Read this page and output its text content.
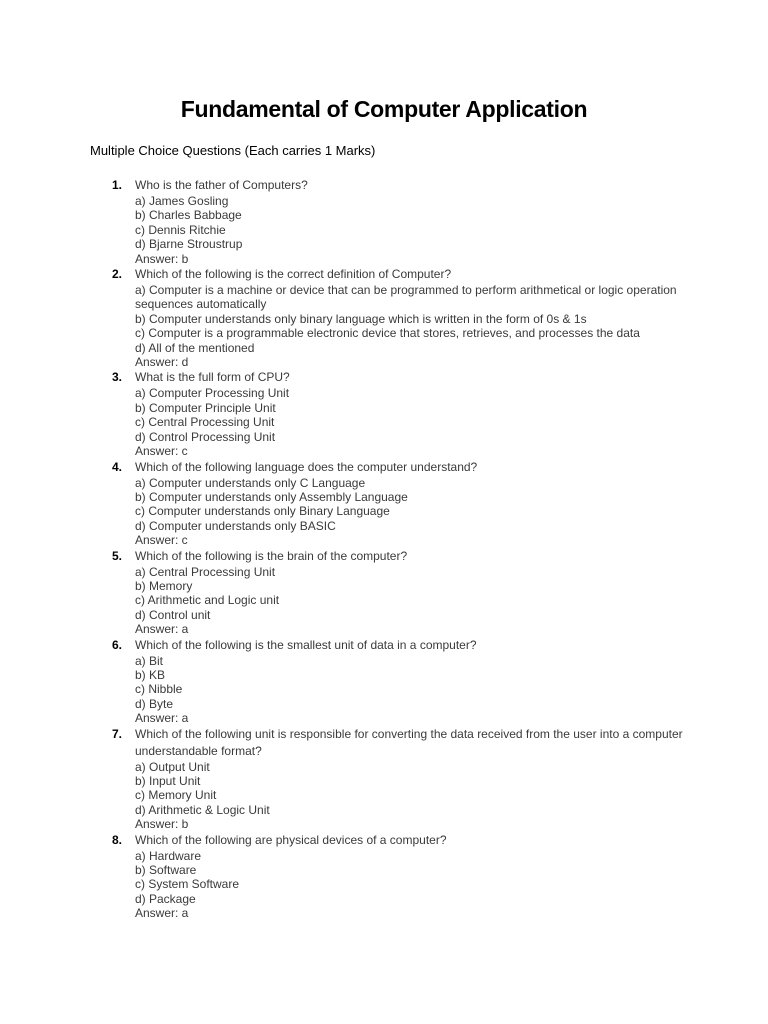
Fundamental of Computer Application

Multiple Choice Questions (Each carries 1 Marks)

1. Who is the father of Computers?

a) James Gosling
b) Charles Babbage
c) Dennis Ritchie
d) Bjarne Stroustrup
Answer: b
2. Which of the following is the correct definition of Computer?

a) Computer is a machine or device that can be programmed to perform arithmetical or logic operation sequences automatically
b) Computer understands only binary language which is written in the form of 0s & 1s
c) Computer is a programmable electronic device that stores, retrieves, and processes the data
d) All of the mentioned
Answer: d
3. What is the full form of CPU?

a) Computer Processing Unit
b) Computer Principle Unit
c) Central Processing Unit
d) Control Processing Unit
Answer: c
4. Which of the following language does the computer understand?

a) Computer understands only C Language
b) Computer understands only Assembly Language
c) Computer understands only Binary Language
d) Computer understands only BASIC
Answer: c
5. Which of the following is the brain of the computer?

a) Central Processing Unit
b) Memory
c) Arithmetic and Logic unit
d) Control unit
Answer: a
6. Which of the following is the smallest unit of data in a computer?

a) Bit
b) KB
c) Nibble
d) Byte
Answer: a
7. Which of the following unit is responsible for converting the data received from the user into a computer understandable format?

a) Output Unit
b) Input Unit
c) Memory Unit
d) Arithmetic & Logic Unit
Answer: b
8. Which of the following are physical devices of a computer?

a) Hardware
b) Software
c) System Software
d) Package
Answer: a
